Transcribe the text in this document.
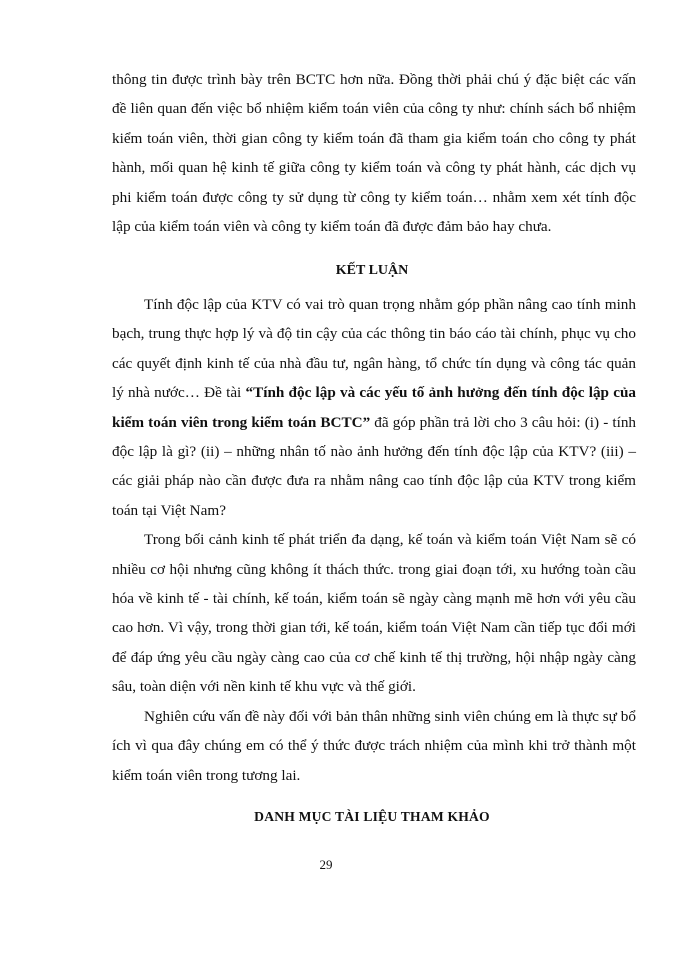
thông tin được trình bày trên BCTC hơn nữa. Đồng thời phải chú ý đặc biệt các vấn đề liên quan đến việc bổ nhiệm kiểm toán viên của công ty như: chính sách bổ nhiệm kiểm toán viên, thời gian công ty kiểm toán đã tham gia kiểm toán cho công ty phát hành, mối quan hệ kinh tế giữa công ty kiểm toán và công ty phát hành, các dịch vụ phi kiểm toán được công ty sử dụng từ công ty kiểm toán… nhằm xem xét tính độc lập của kiểm toán viên và công ty kiểm toán đã được đảm bảo hay chưa.

KẾT LUẬN

Tính độc lập của KTV có vai trò quan trọng nhằm góp phần nâng cao tính minh bạch, trung thực hợp lý và độ tin cậy của các thông tin báo cáo tài chính, phục vụ cho các quyết định kinh tế của nhà đầu tư, ngân hàng, tổ chức tín dụng và công tác quản lý nhà nước… Đề tài “Tính độc lập và các yếu tố ảnh hưởng đến tính độc lập của kiểm toán viên trong kiểm toán BCTC” đã góp phần trả lời cho 3 câu hỏi: (i) - tính độc lập là gì? (ii) – những nhân tố nào ảnh hưởng đến tính độc lập của KTV? (iii) – các giải pháp nào cần được đưa ra nhằm nâng cao tính độc lập của KTV trong kiểm toán tại Việt Nam?

Trong bối cảnh kinh tế phát triển đa dạng, kế toán và kiểm toán Việt Nam sẽ có nhiều cơ hội nhưng cũng không ít thách thức. trong giai đoạn tới, xu hướng toàn cầu hóa về kinh tế - tài chính, kế toán, kiểm toán sẽ ngày càng mạnh mẽ hơn với yêu cầu cao hơn. Vì vậy, trong thời gian tới, kế toán, kiểm toán Việt Nam cần tiếp tục đổi mới để đáp ứng yêu cầu ngày càng cao của cơ chế kinh tế thị trường, hội nhập ngày càng sâu, toàn diện với nền kinh tế khu vực và thế giới.

Nghiên cứu vấn đề này đối với bản thân những sinh viên chúng em là thực sự bổ ích vì qua đây chúng em có thể ý thức được trách nhiệm của mình khi trở thành một kiểm toán viên trong tương lai.

DANH MỤC TÀI LIỆU THAM KHẢO
29
